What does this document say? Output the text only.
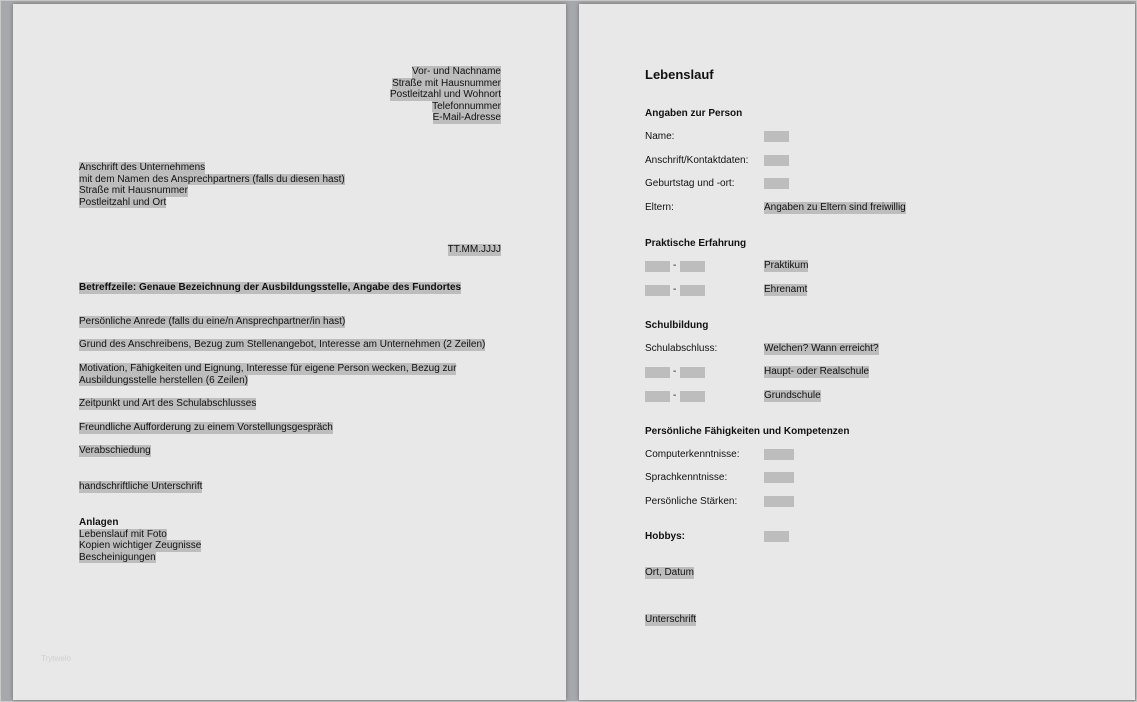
Vor- und Nachname
Straße mit Hausnummer
Postleitzahl und Wohnort
Telefonnummer
E-Mail-Adresse
Anschrift des Unternehmens
mit dem Namen des Ansprechpartners (falls du diesen hast)
Straße mit Hausnummer
Postleitzahl und Ort
TT.MM.JJJJ
Betreffzeile: Genaue Bezeichnung der Ausbildungsstelle, Angabe des Fundortes
Persönliche Anrede (falls du eine/n Ansprechpartner/in hast)
Grund des Anschreibens, Bezug zum Stellenangebot, Interesse am Unternehmen (2 Zeilen)
Motivation, Fähigkeiten und Eignung, Interesse für eigene Person wecken, Bezug zur
Ausbildungsstelle herstellen (6 Zeilen)
Zeitpunkt und Art des Schulabschlusses
Freundliche Aufforderung zu einem Vorstellungsgespräch
Verabschiedung
handschriftliche Unterschrift
Anlagen
Lebenslauf mit Foto
Kopien wichtiger Zeugnisse
Bescheinigungen
Trytwelo
Lebenslauf
Angaben zur Person
Name:
Anschrift/Kontaktdaten:
Geburtstag und -ort:
Eltern:	Angaben zu Eltern sind freiwillig
Praktische Erfahrung
-	Praktikum
-	Ehrenamt
Schulbildung
Schulabschluss:	Welchen? Wann erreicht?
-	Haupt- oder Realschule
-	Grundschule
Persönliche Fähigkeiten und Kompetenzen
Computerkenntnisse:
Sprachkenntnisse:
Persönliche Stärken:
Hobbys:
Ort, Datum
Unterschrift
